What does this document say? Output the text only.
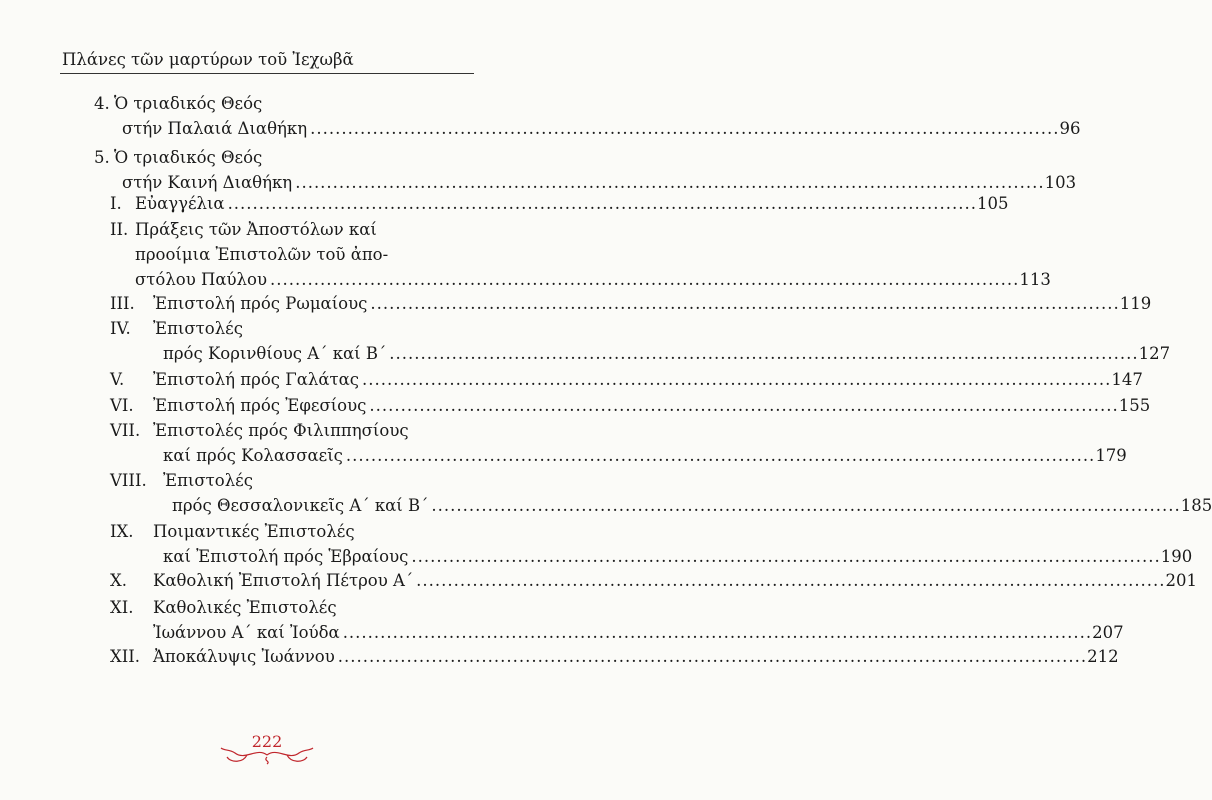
Πλάνες τῶν μαρτύρων τοῦ Ἰεχωβᾶ
4. Ὁ τριαδικός Θεός
στήν Παλαιά Διαθήκη ........................................................................................................................ 96
5. Ὁ τριαδικός Θεός
στήν Καινή Διαθήκη ........................................................................................................................ 103
I. Εὐαγγέλια ........................................................................................................................ 105
II. Πράξεις τῶν Ἀποστόλων καί
προοίμια Ἐπιστολῶν τοῦ ἀπο-
στόλου Παύλου ........................................................................................................................ 113
III. Ἐπιστολή πρός Ρωμαίους ........................................................................................................................ 119
IV. Ἐπιστολές
πρός Κορινθίους Α΄ καί Β΄ ........................................................................................................................ 127
V. Ἐπιστολή πρός Γαλάτας ........................................................................................................................ 147
VI. Ἐπιστολή πρός Ἐφεσίους ........................................................................................................................ 155
VII. Ἐπιστολές πρός Φιλιππησίους
καί πρός Κολασσαεῖς ........................................................................................................................ 179
VIII. Ἐπιστολές
πρός Θεσσαλονικεῖς Α΄ καί Β΄ ........................................................................................................................ 185
IX. Ποιμαντικές Ἐπιστολές
καί Ἐπιστολή πρός Ἑβραίους ........................................................................................................................ 190
X. Καθολική Ἐπιστολή Πέτρου Α΄ ........................................................................................................................ 201
XI. Καθολικές Ἐπιστολές
Ἰωάννου Α΄ καί Ἰούδα ........................................................................................................................ 207
XII. Ἀποκάλυψις Ἰωάννου ........................................................................................................................ 212
222
